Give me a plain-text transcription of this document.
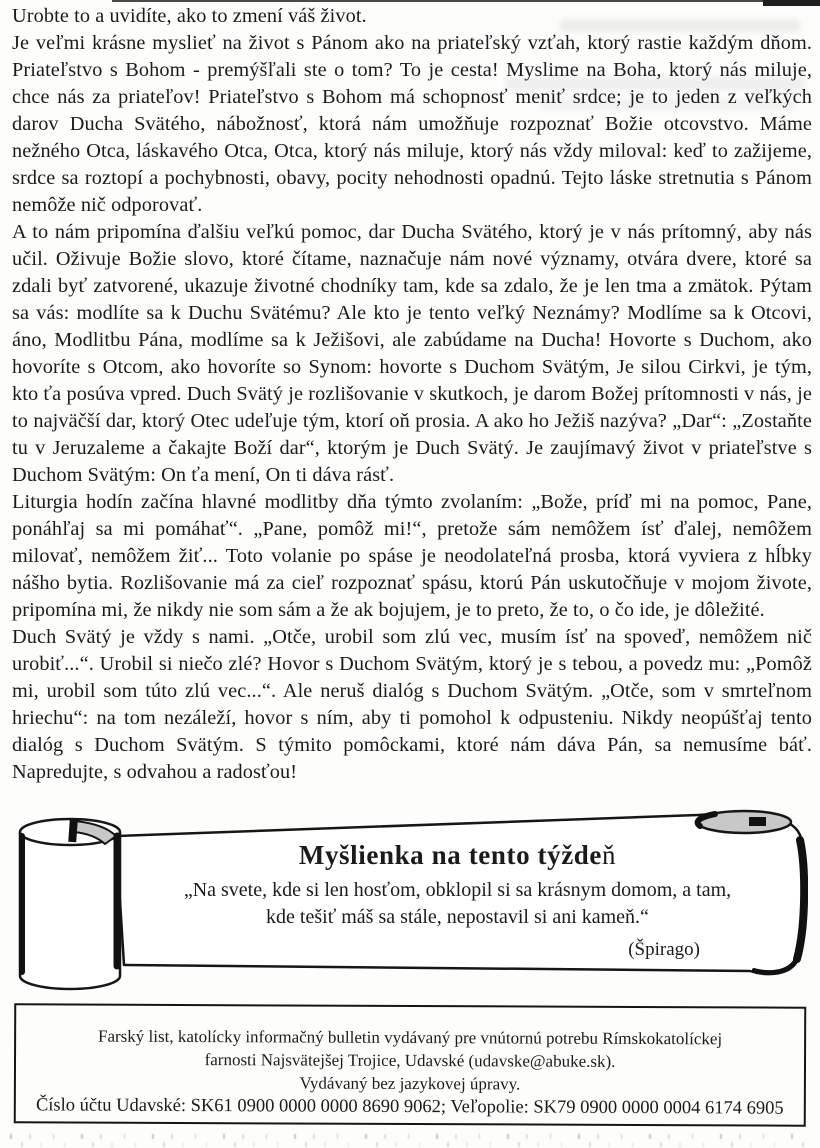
Urobte to a uvidíte, ako to zmení váš život.

Je veľmi krásne myslieť na život s Pánom ako na priateľský vzťah, ktorý rastie každým dňom. Priateľstvo s Bohom - premýšľali ste o tom? To je cesta! Myslime na Boha, ktorý nás miluje, chce nás za priateľov! Priateľstvo s Bohom má schopnosť meniť srdce; je to jeden z veľkých darov Ducha Svätého, nábožnosť, ktorá nám umožňuje rozpoznať Božie otcovstvo. Máme nežného Otca, láskavého Otca, Otca, ktorý nás miluje, ktorý nás vždy miloval: keď to zažijeme, srdce sa roztopí a pochybnosti, obavy, pocity nehodnosti opadnú. Tejto láske stretnutia s Pánom nemôže nič odporovať.

A to nám pripomína ďalšiu veľkú pomoc, dar Ducha Svätého, ktorý je v nás prítomný, aby nás učil. Oživuje Božie slovo, ktoré čítame, naznačuje nám nové významy, otvára dvere, ktoré sa zdali byť zatvorené, ukazuje životné chodníky tam, kde sa zdalo, že je len tma a zmätok. Pýtam sa vás: modlíte sa k Duchu Svätému? Ale kto je tento veľký Neznámy? Modlíme sa k Otcovi, áno, Modlitbu Pána, modlíme sa k Ježišovi, ale zabúdame na Ducha! Hovorte s Duchom, ako hovoríte s Otcom, ako hovoríte so Synom: hovorte s Duchom Svätým, Je silou Cirkvi, je tým, kto ťa posúva vpred. Duch Svätý je rozlišovanie v skutkoch, je darom Božej prítomnosti v nás, je to najväčší dar, ktorý Otec udeľuje tým, ktorí oň prosia. A ako ho Ježiš nazýva? „Dar“: „Zostaňte tu v Jeruzaleme a čakajte Boží dar“, ktorým je Duch Svätý. Je zaujímavý život v priateľstve s Duchom Svätým: On ťa mení, On ti dáva rásť.

Liturgia hodín začína hlavné modlitby dňa týmto zvolaním: „Bože, príď mi na pomoc, Pane, ponáhľaj sa mi pomáhať“. „Pane, pomôž mi!“, pretože sám nemôžem ísť ďalej, nemôžem milovať, nemôžem žiť... Toto volanie po spáse je neodolateľná prosba, ktorá vyviera z hĺbky nášho bytia. Rozlišovanie má za cieľ rozpoznať spásu, ktorú Pán uskutočňuje v mojom živote, pripomína mi, že nikdy nie som sám a že ak bojujem, je to preto, že to, o čo ide, je dôležité.

Duch Svätý je vždy s nami. „Otče, urobil som zlú vec, musím ísť na spoveď, nemôžem nič urobiť...“. Urobil si niečo zlé? Hovor s Duchom Svätým, ktorý je s tebou, a povedz mu: „Pomôž mi, urobil som túto zlú vec...“. Ale neruš dialóg s Duchom Svätým. „Otče, som v smrteľnom hriechu“: na tom nezáleží, hovor s ním, aby ti pomohol k odpusteniu. Nikdy neopúšťaj tento dialóg s Duchom Svätým. S týmito pomôckami, ktoré nám dáva Pán, sa nemusíme báť. Napredujte, s odvahou a radosťou!

Myšlienka na tento týždeň

„Na svete, kde si len hosťom, obklopil si sa krásnym domom, a tam,

kde tešiť máš sa stále, nepostavil si ani kameň.“

(Špirago)

Farský list, katolícky informačný bulletin vydávaný pre vnútornú potrebu Rímskokatolíckej

farnosti Najsvätejšej Trojice, Udavské (udavske@abuke.sk).

Vydávaný bez jazykovej úpravy.

Číslo účtu Udavské: SK61 0900 0000 0000 8690 9062; Veľopolie: SK79 0900 0000 0004 6174 6905
